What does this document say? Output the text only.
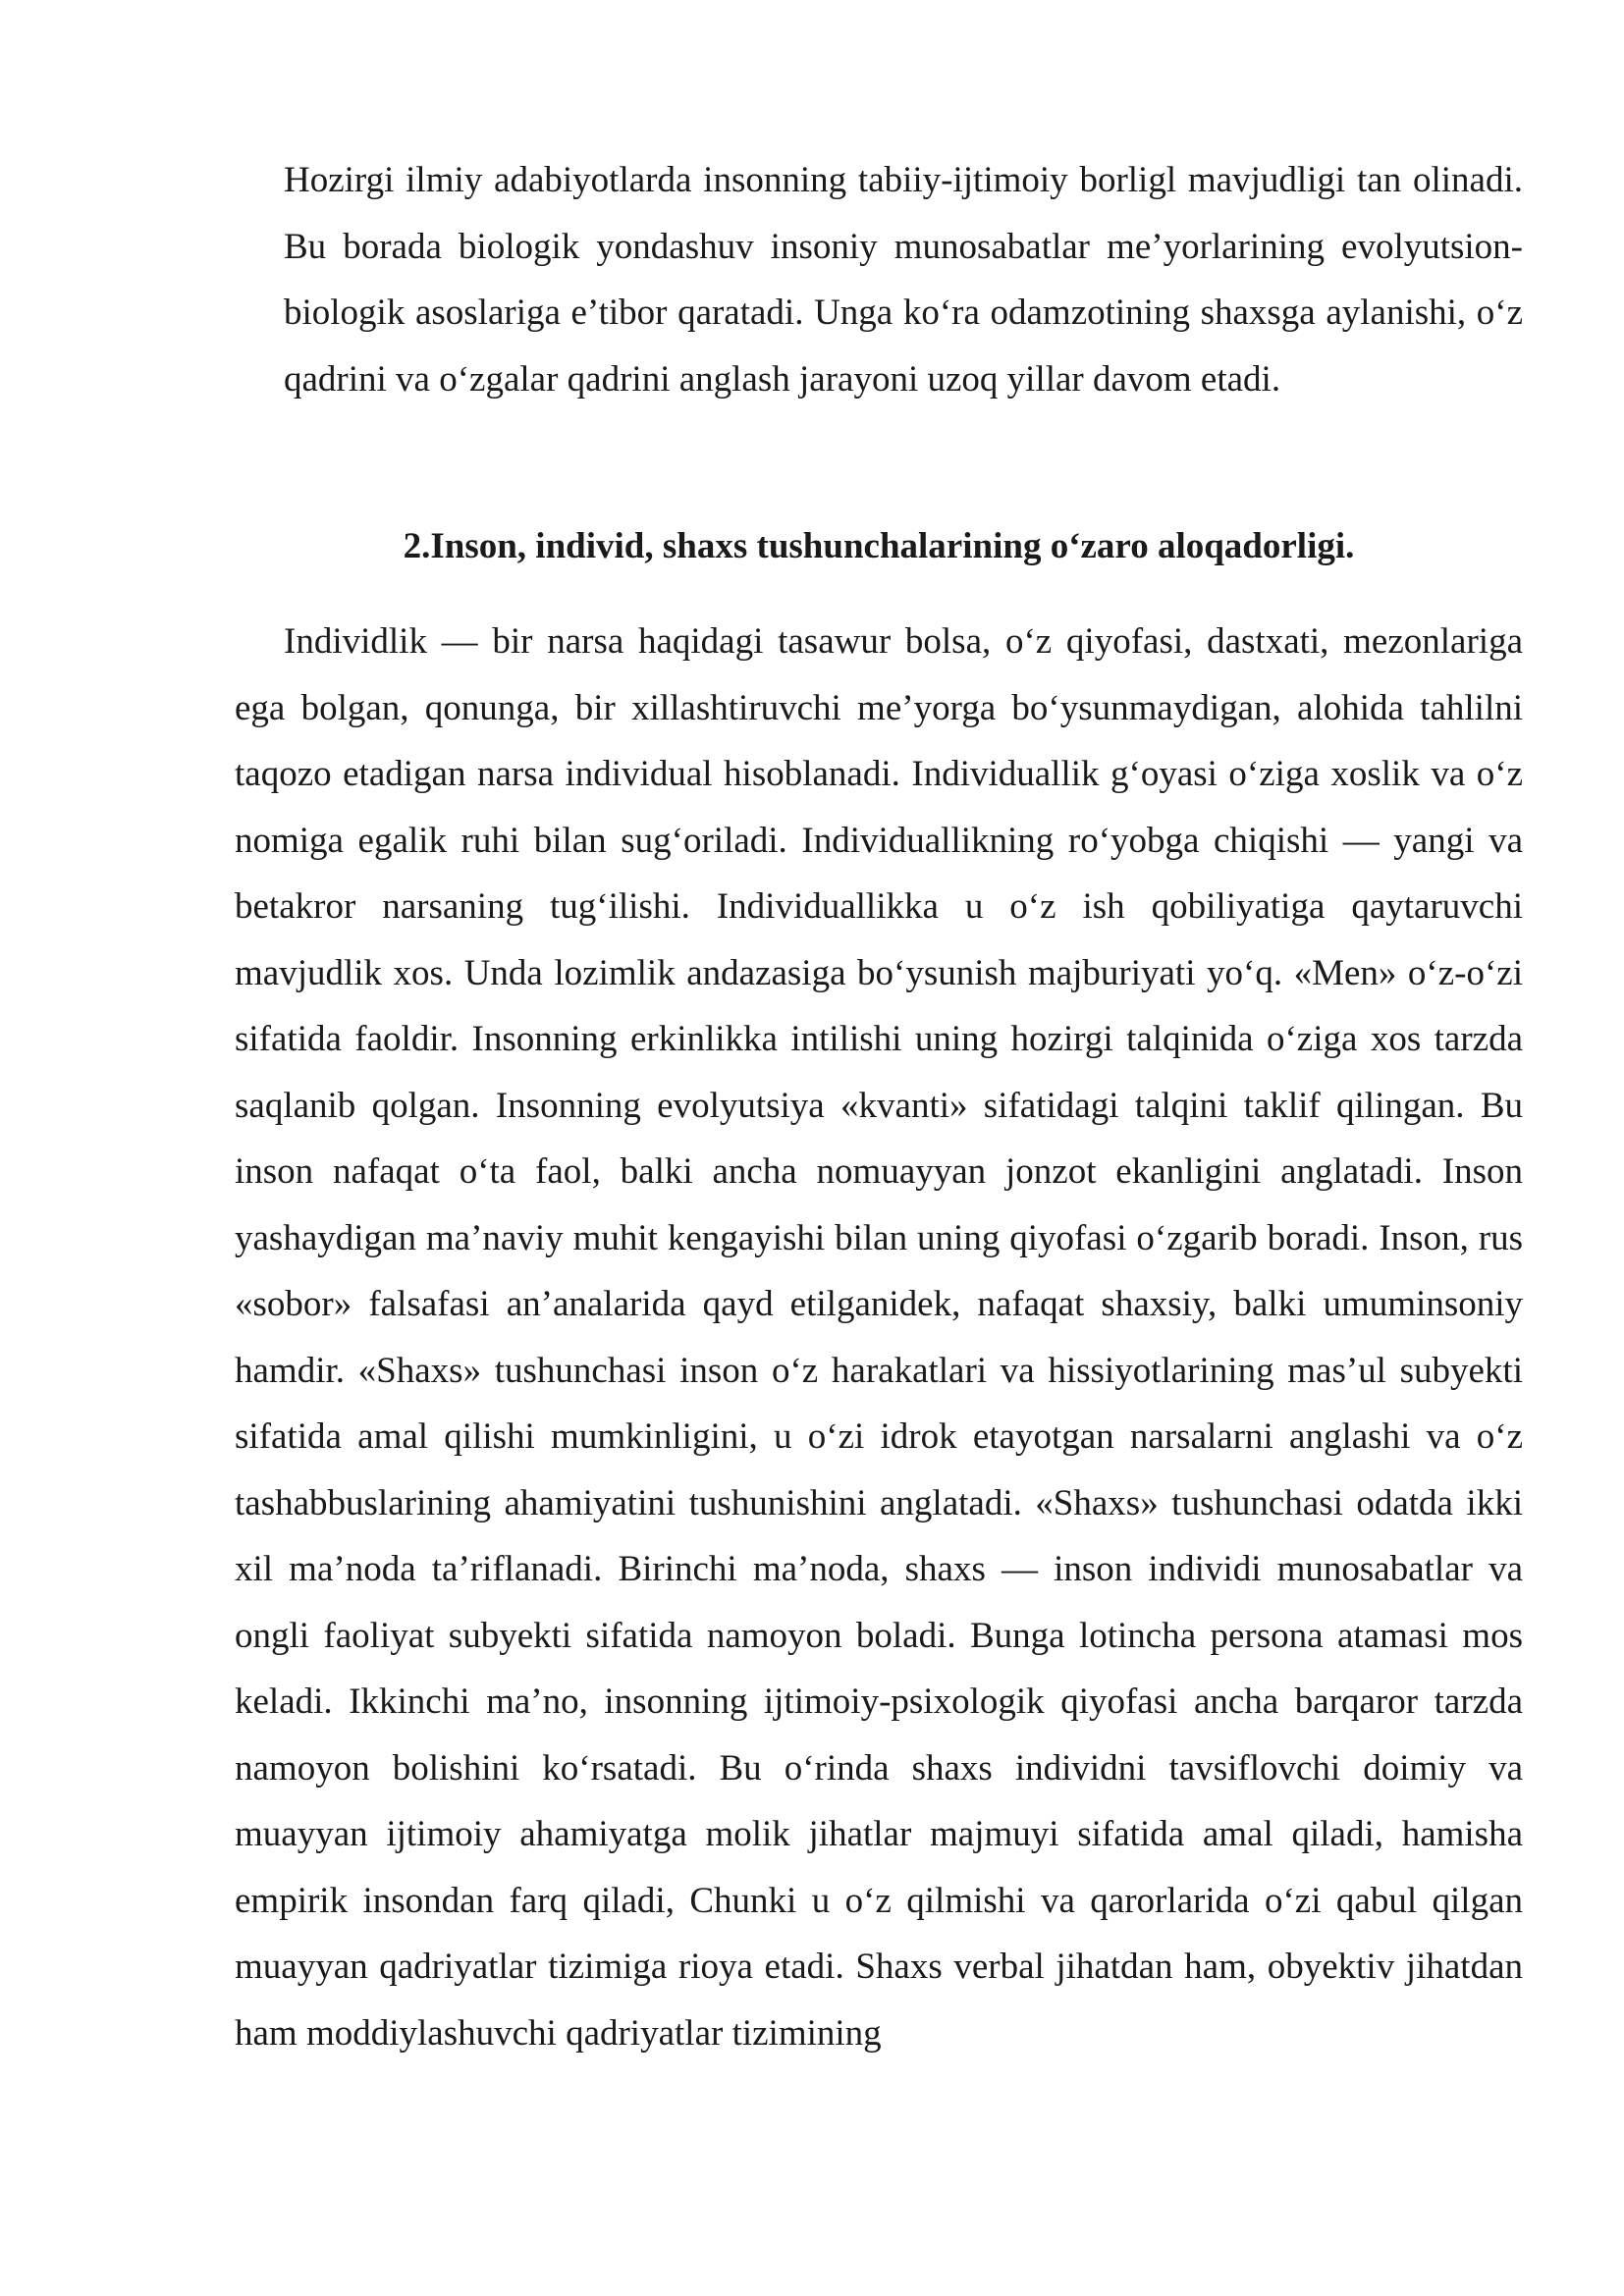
Hozirgi ilmiy adabiyotlarda insonning tabiiy-ijtimoiy borligl mavjudligi tan olinadi. Bu borada biologik yondashuv insoniy munosabatlar me’yorlarining evolyutsion-biologik asoslariga e’tibor qaratadi. Unga ko‘ra odamzotining shaxsga aylanishi, o‘z qadrini va o‘zgalar qadrini anglash jarayoni uzoq yillar davom etadi.

2.Inson, individ, shaxs tushunchalarining o‘zaro aloqadorligi.

Individlik — bir narsa haqidagi tasawur bolsa, o‘z qiyofasi, dastxati, mezonlariga ega bolgan, qonunga, bir xillashtiruvchi me’yorga bo‘ysunmaydigan, alohida tahlilni taqozo etadigan narsa individual hisoblanadi. Individuallik g‘oyasi o‘ziga xoslik va o‘z nomiga egalik ruhi bilan sug‘oriladi. Individuallikning ro‘yobga chiqishi — yangi va betakror narsaning tug‘ilishi. Individuallikka u o‘z ish qobiliyatiga qaytaruvchi mavjudlik xos. Unda lozimlik andazasiga bo‘ysunish majburiyati yo‘q. «Men» o‘z-o‘zi sifatida faoldir. Insonning erkinlikka intilishi uning hozirgi talqinida o‘ziga xos tarzda saqlanib qolgan. Insonning evolyutsiya «kvanti» sifatidagi talqini taklif qilingan. Bu inson nafaqat o‘ta faol, balki ancha nomuayyan jonzot ekanligini anglatadi. Inson yashaydigan ma’naviy muhit kengayishi bilan uning qiyofasi o‘zgarib boradi. Inson, rus «sobor» falsafasi an’analarida qayd etilganidek, nafaqat shaxsiy, balki umuminsoniy hamdir. «Shaxs» tushunchasi inson o‘z harakatlari va hissiyotlarining mas’ul subyekti sifatida amal qilishi mumkinligini, u o‘zi idrok etayotgan narsalarni anglashi va o‘z tashabbuslarining ahamiyatini tushunishini anglatadi. «Shaxs» tushunchasi odatda ikki xil ma’noda ta’riflanadi. Birinchi ma’noda, shaxs — inson individi munosabatlar va ongli faoliyat subyekti sifatida namoyon boladi. Bunga lotincha persona atamasi mos keladi. Ikkinchi ma’no, insonning ijtimoiy-psixologik qiyofasi ancha barqaror tarzda namoyon bolishini ko‘rsatadi. Bu o‘rinda shaxs individni tavsiflovchi doimiy va muayyan ijtimoiy ahamiyatga molik jihatlar majmuyi sifatida amal qiladi, hamisha empirik insondan farq qiladi, Chunki u o‘z qilmishi va qarorlarida o‘zi qabul qilgan muayyan qadriyatlar tizimiga rioya etadi. Shaxs verbal jihatdan ham, obyektiv jihatdan ham moddiylashuvchi qadriyatlar tizimining
